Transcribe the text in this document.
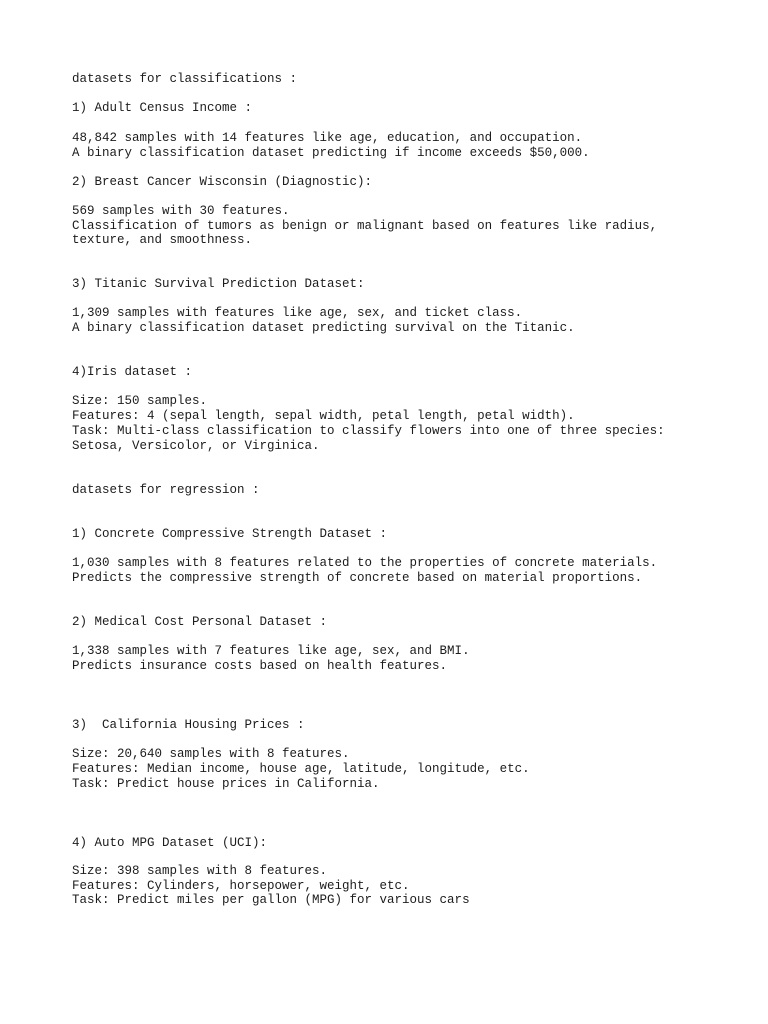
datasets for classifications :

1) Adult Census Income :

48,842 samples with 14 features like age, education, and occupation.

A binary classification dataset predicting if income exceeds $50,000.

2) Breast Cancer Wisconsin (Diagnostic):

569 samples with 30 features.

Classification of tumors as benign or malignant based on features like radius,

texture, and smoothness.

3) Titanic Survival Prediction Dataset:

1,309 samples with features like age, sex, and ticket class.

A binary classification dataset predicting survival on the Titanic.

4)Iris dataset :

Size: 150 samples.

Features: 4 (sepal length, sepal width, petal length, petal width).

Task: Multi-class classification to classify flowers into one of three species:

Setosa, Versicolor, or Virginica.

datasets for regression :

1) Concrete Compressive Strength Dataset :

1,030 samples with 8 features related to the properties of concrete materials.

Predicts the compressive strength of concrete based on material proportions.

2) Medical Cost Personal Dataset :

1,338 samples with 7 features like age, sex, and BMI.

Predicts insurance costs based on health features.

3)  California Housing Prices :

Size: 20,640 samples with 8 features.

Features: Median income, house age, latitude, longitude, etc.

Task: Predict house prices in California.

4) Auto MPG Dataset (UCI):

Size: 398 samples with 8 features.

Features: Cylinders, horsepower, weight, etc.

Task: Predict miles per gallon (MPG) for various cars
